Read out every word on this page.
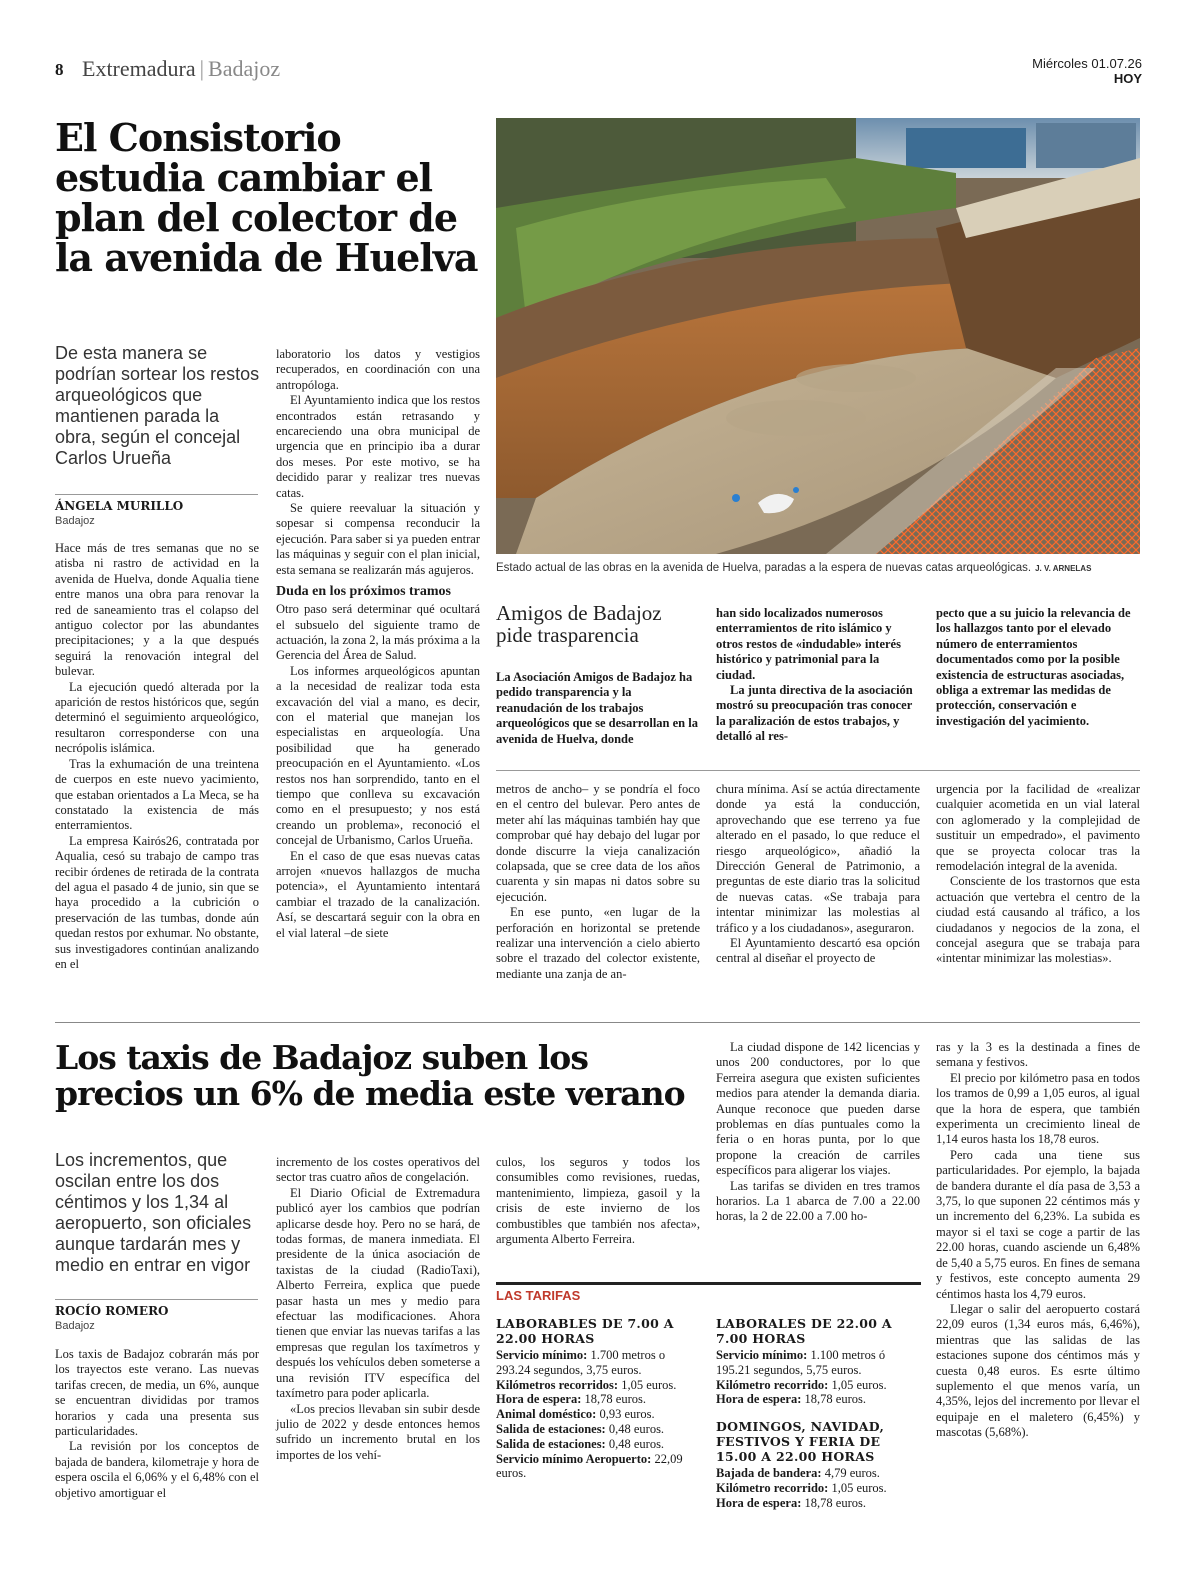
8 Extremadura | Badajoz	Miércoles 01.07.26
HOY
El Consistorio estudia cambiar el plan del colector de la avenida de Huelva
De esta manera se podrían sortear los restos arqueológicos que mantienen parada la obra, según el concejal Carlos Urueña
ÁNGELA MURILLO
Badajoz

Hace más de tres semanas que no se atisba ni rastro de actividad en la avenida de Huelva, donde Aqualia tiene entre manos una obra para renovar la red de saneamiento tras el colapso del antiguo colector por las abundantes precipitaciones; y a la que después seguirá la renovación integral del bulevar.

La ejecución quedó alterada por la aparición de restos históricos que, según determinó el seguimiento arqueológico, resultaron corresponderse con una necrópolis islámica.

Tras la exhumación de una treintena de cuerpos en este nuevo yacimiento, que estaban orientados a La Meca, se ha constatado la existencia de más enterramientos.

La empresa Kairós26, contratada por Aqualia, cesó su trabajo de campo tras recibir órdenes de retirada de la contrata del agua el pasado 4 de junio, sin que se haya procedido a la cubrición o preservación de las tumbas, donde aún quedan restos por exhumar. No obstante, sus investigadores continúan analizando en el

laboratorio los datos y vestigios recuperados, en coordinación con una antropóloga.

El Ayuntamiento indica que los restos encontrados están retrasando y encareciendo una obra municipal de urgencia que en principio iba a durar dos meses. Por este motivo, se ha decidido parar y realizar tres nuevas catas.

Se quiere reevaluar la situación y sopesar si compensa reconducir la ejecución. Para saber si ya pueden entrar las máquinas y seguir con el plan inicial, esta semana se realizarán más agujeros.

Duda en los próximos tramos

Otro paso será determinar qué ocultará el subsuelo del siguiente tramo de actuación, la zona 2, la más próxima a la Gerencia del Área de Salud.

Los informes arqueológicos apuntan a la necesidad de realizar toda esta excavación del vial a mano, es decir, con el material que manejan los especialistas en arqueología. Una posibilidad que ha generado preocupación en el Ayuntamiento. «Los restos nos han sorprendido, tanto en el tiempo que conlleva su excavación como en el presupuesto; y nos está creando un problema», reconoció el concejal de Urbanismo, Carlos Urueña.

En el caso de que esas nuevas catas arrojen «nuevos hallazgos de mucha potencia», el Ayuntamiento intentará cambiar el trazado de la canalización. Así, se descartará seguir con la obra en el vial lateral –de siete

Estado actual de las obras en la avenida de Huelva, paradas a la espera de nuevas catas arqueológicas. J. V. ARNELAS
Amigos de Badajoz pide trasparencia

La Asociación Amigos de Badajoz ha pedido transparencia y la reanudación de los trabajos arqueológicos que se desarrollan en la avenida de Huelva, donde

han sido localizados numerosos enterramientos de rito islámico y otros restos de «indudable» interés histórico y patrimonial para la ciudad.

La junta directiva de la asociación mostró su preocupación tras conocer la paralización de estos trabajos, y detalló al res-

pecto que a su juicio la relevancia de los hallazgos tanto por el elevado número de enterramientos documentados como por la posible existencia de estructuras asociadas, obliga a extremar las medidas de protección, conservación e investigación del yacimiento.

metros de ancho– y se pondría el foco en el centro del bulevar. Pero antes de meter ahí las máquinas también hay que comprobar qué hay debajo del lugar por donde discurre la vieja canalización colapsada, que se cree data de los años cuarenta y sin mapas ni datos sobre su ejecución.

En ese punto, «en lugar de la perforación en horizontal se pretende realizar una intervención a cielo abierto sobre el trazado del colector existente, mediante una zanja de an-

chura mínima. Así se actúa directamente donde ya está la conducción, aprovechando que ese terreno ya fue alterado en el pasado, lo que reduce el riesgo arqueológico», añadió la Dirección General de Patrimonio, a preguntas de este diario tras la solicitud de nuevas catas. «Se trabaja para intentar minimizar las molestias al tráfico y a los ciudadanos», aseguraron.

El Ayuntamiento descartó esa opción central al diseñar el proyecto de

urgencia por la facilidad de «realizar cualquier acometida en un vial lateral con aglomerado y la complejidad de sustituir un empedrado», el pavimento que se proyecta colocar tras la remodelación integral de la avenida.

Consciente de los trastornos que esta actuación que vertebra el centro de la ciudad está causando al tráfico, a los ciudadanos y negocios de la zona, el concejal asegura que se trabaja para «intentar minimizar las molestias».

Los taxis de Badajoz suben los precios un 6% de media este verano
Los incrementos, que oscilan entre los dos céntimos y los 1,34 al aeropuerto, son oficiales aunque tardarán mes y medio en entrar en vigor
ROCÍO ROMERO
Badajoz

Los taxis de Badajoz cobrarán más por los trayectos este verano. Las nuevas tarifas crecen, de media, un 6%, aunque se encuentran divididas por tramos horarios y cada una presenta sus particularidades.

La revisión por los conceptos de bajada de bandera, kilometraje y hora de espera oscila el 6,06% y el 6,48% con el objetivo amortiguar el

incremento de los costes operativos del sector tras cuatro años de congelación.

El Diario Oficial de Extremadura publicó ayer los cambios que podrían aplicarse desde hoy. Pero no se hará, de todas formas, de manera inmediata. El presidente de la única asociación de taxistas de la ciudad (RadioTaxi), Alberto Ferreira, explica que puede pasar hasta un mes y medio para efectuar las modificaciones. Ahora tienen que enviar las nuevas tarifas a las empresas que regulan los taxímetros y después los vehículos deben someterse a una revisión ITV específica del taxímetro para poder aplicarla.

«Los precios llevaban sin subir desde julio de 2022 y desde entonces hemos sufrido un incremento brutal en los importes de los vehí-

culos, los seguros y todos los consumibles como revisiones, ruedas, mantenimiento, limpieza, gasoil y la crisis de este invierno de los combustibles que también nos afecta», argumenta Alberto Ferreira.

La ciudad dispone de 142 licencias y unos 200 conductores, por lo que Ferreira asegura que existen suficientes medios para atender la demanda diaria. Aunque reconoce que pueden darse problemas en días puntuales como la feria o en horas punta, por lo que propone la creación de carriles específicos para aligerar los viajes.

Las tarifas se dividen en tres tramos horarios. La 1 abarca de 7.00 a 22.00 horas, la 2 de 22.00 a 7.00 ho-

ras y la 3 es la destinada a fines de semana y festivos.

El precio por kilómetro pasa en todos los tramos de 0,99 a 1,05 euros, al igual que la hora de espera, que también experimenta un crecimiento lineal de 1,14 euros hasta los 18,78 euros.

Pero cada una tiene sus particularidades. Por ejemplo, la bajada de bandera durante el día pasa de 3,53 a 3,75, lo que suponen 22 céntimos más y un incremento del 6,23%. La subida es mayor si el taxi se coge a partir de las 22.00 horas, cuando asciende un 6,48% de 5,40 a 5,75 euros. En fines de semana y festivos, este concepto aumenta 29 céntimos hasta los 4,79 euros.

Llegar o salir del aeropuerto costará 22,09 euros (1,34 euros más, 6,46%), mientras que las salidas de las estaciones supone dos céntimos más y cuesta 0,48 euros. Es esrte último suplemento el que menos varía, un 4,35%, lejos del incremento por llevar el equipaje en el maletero (6,45%) y mascotas (5,68%).

LAS TARIFAS
LABORABLES DE 7.00 A 22.00 HORAS
Servicio mínimo: 1.700 metros o 293.24 segundos, 3,75 euros.
Kilómetros recorridos: 1,05 euros.
Hora de espera: 18,78 euros.
Animal doméstico: 0,93 euros.
Salida de estaciones: 0,48 euros.
Salida de estaciones: 0,48 euros.
Servicio mínimo Aeropuerto: 22,09 euros.
LABORALES DE 22.00 A 7.00 HORAS
Servicio mínimo: 1.100 metros ó 195.21 segundos, 5,75 euros.
Kilómetro recorrido: 1,05 euros.
Hora de espera: 18,78 euros.
DOMINGOS, NAVIDAD, FESTIVOS Y FERIA DE 15.00 A 22.00 HORAS
Bajada de bandera: 4,79 euros.
Kilómetro recorrido: 1,05 euros.
Hora de espera: 18,78 euros.
